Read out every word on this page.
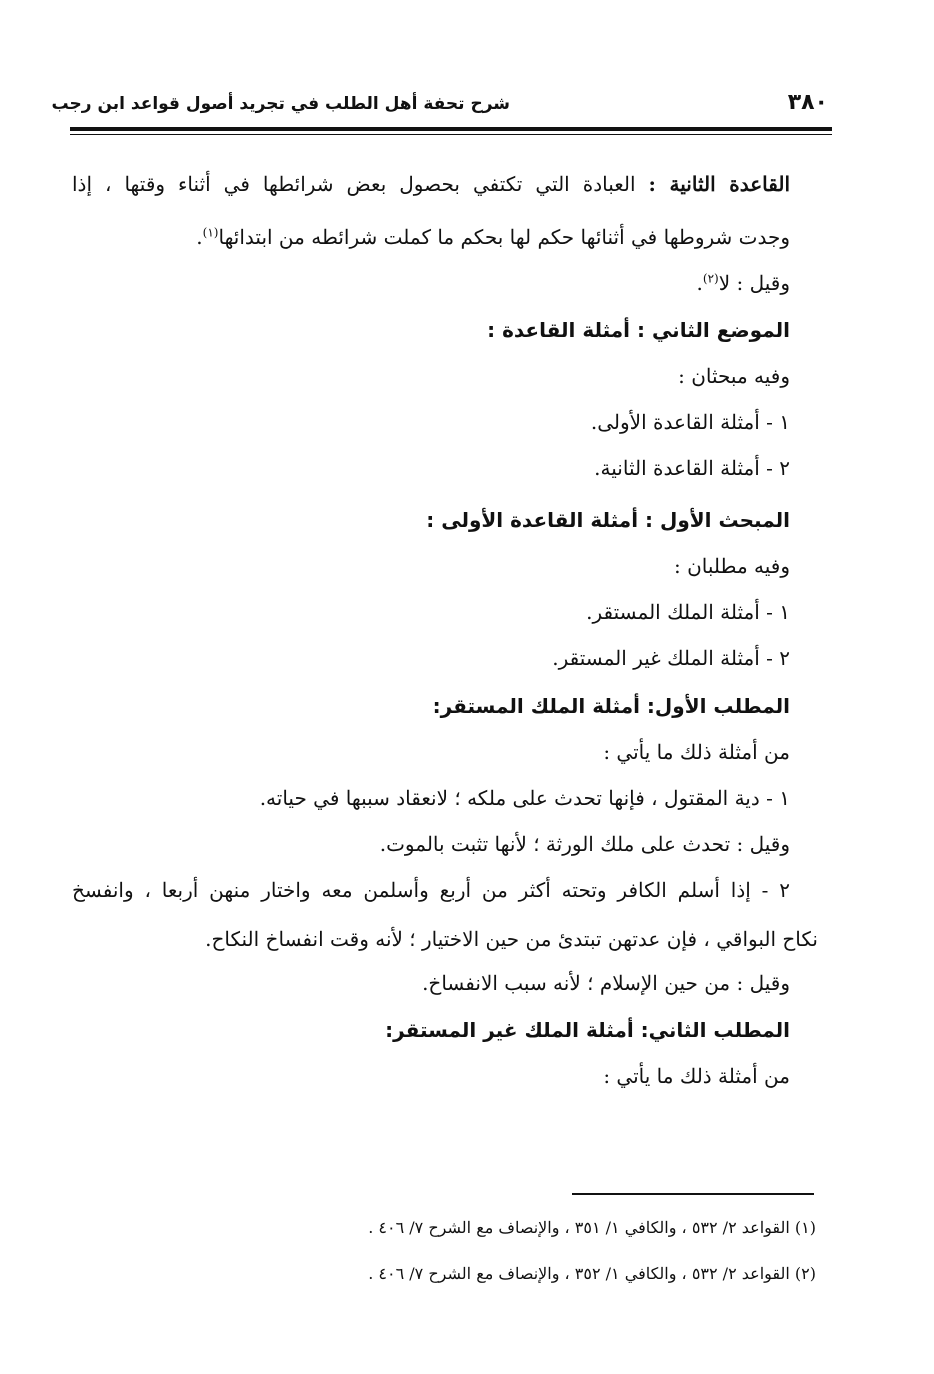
٣٨٠
شرح تحفة أهل الطلب في تجريد أصول قواعد ابن رجب
القاعدة الثانية : العبادة التي تكتفي بحصول بعض شرائطها في أثناء وقتها ، إذا
وجدت شروطها في أثنائها حكم لها بحكم ما كملت شرائطه من ابتدائها$^{(١)}$.
وقيل : لا$^{(٢)}$.
الموضع الثاني : أمثلة القاعدة :
وفيه مبحثان :
١ - أمثلة القاعدة الأولى.
٢ - أمثلة القاعدة الثانية.
المبحث الأول : أمثلة القاعدة الأولى :
وفيه مطلبان :
١ - أمثلة الملك المستقر.
٢ - أمثلة الملك غير المستقر.
المطلب الأول: أمثلة الملك المستقر:
من أمثلة ذلك ما يأتي :
١ - دية المقتول ، فإنها تحدث على ملكه ؛ لانعقاد سببها في حياته.
وقيل : تحدث على ملك الورثة ؛ لأنها تثبت بالموت.
٢ - إذا أسلم الكافر وتحته أكثر من أربع وأسلمن معه واختار منهن أربعا ، وانفسخ
نكاح البواقي ، فإن عدتهن تبتدئ من حين الاختيار ؛ لأنه وقت انفساخ النكاح.
وقيل : من حين الإسلام ؛ لأنه سبب الانفساخ.
المطلب الثاني: أمثلة الملك غير المستقر:
من أمثلة ذلك ما يأتي :
(١) القواعد ٢/ ٥٣٢ ، والكافي ١/ ٣٥١ ، والإنصاف مع الشرح ٧/ ٤٠٦ .
(٢) القواعد ٢/ ٥٣٢ ، والكافي ١/ ٣٥٢ ، والإنصاف مع الشرح ٧/ ٤٠٦ .
